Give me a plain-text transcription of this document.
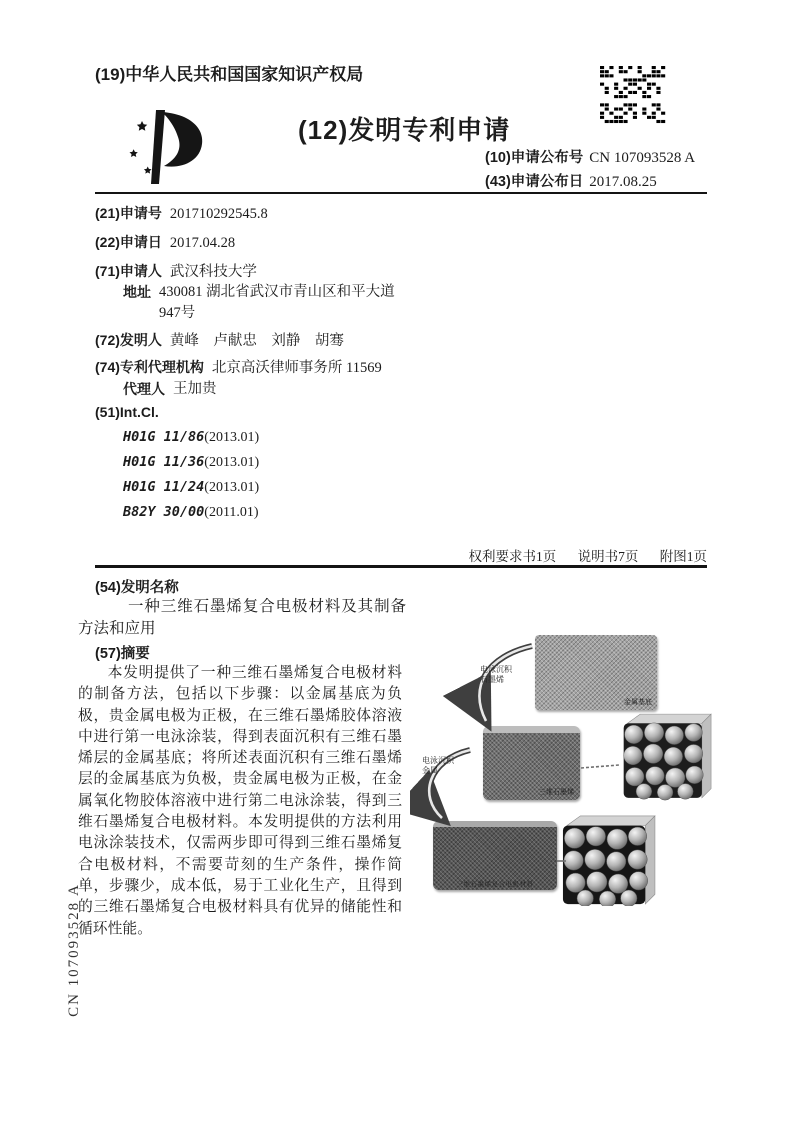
(19)中华人民共和国国家知识产权局
(12)发明专利申请
(10)申请公布号 CN 107093528 A
(43)申请公布日 2017.08.25
(21)申请号 201710292545.8
(22)申请日 2017.04.28
(71)申请人 武汉科技大学
地址 430081 湖北省武汉市青山区和平大道947号
(72)发明人 黄峰　卢献忠　刘静　胡骞
(74)专利代理机构 北京高沃律师事务所 11569
代理人 王加贵
(51)Int.Cl.
H01G 11/86(2013.01)
H01G 11/36(2013.01)
H01G 11/24(2013.01)
B82Y 30/00(2011.01)
权利要求书1页 说明书7页 附图1页
(54)发明名称
一种三维石墨烯复合电极材料及其制备方法和应用
(57)摘要
本发明提供了一种三维石墨烯复合电极材料的制备方法，包括以下步骤：以金属基底为负极，贵金属电极为正极，在三维石墨烯胶体溶液中进行第一电泳涂装，得到表面沉积有三维石墨烯层的金属基底；将所述表面沉积有三维石墨烯层的金属基底为负极，贵金属电极为正极，在金属氧化物胶体溶液中进行第二电泳涂装，得到三维石墨烯复合电极材料。本发明提供的方法利用电泳涂装技术，仅需两步即可得到三维石墨烯复合电极材料，不需要苛刻的生产条件，操作简单，步骤少，成本低，易于工业化生产，且得到的三维石墨烯复合电极材料具有优异的储能性和循环性能。
金属基底
三维石墨烯
三维石墨烯复合电极材料
电泳沉积
石墨烯
电泳沉积
金属
CN 107093528 A
